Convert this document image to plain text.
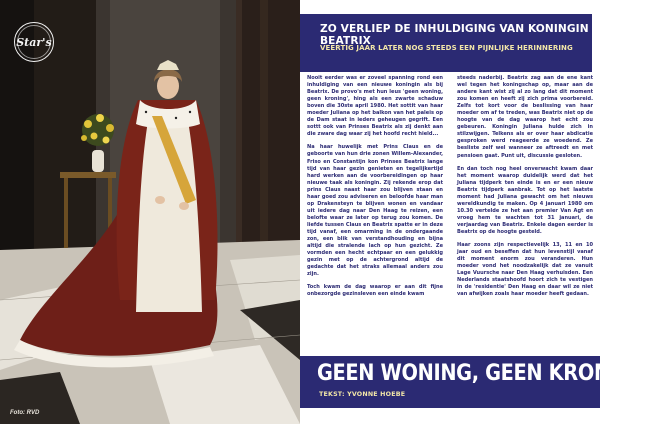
Star's
Foto: RVD
ZO VERLIEP DE INHULDIGING VAN KONINGIN BEATRIX
VEERTIG JAAR LATER NOG STEEDS EEN PIJNLIJKE HERINNERING

Nooit eerder was er zoveel spanning rond een inhuldiging van een nieuwe koningin als bij Beatrix. De provo's met hun leus 'geen woning, geen kroning', hing als een zwarte schaduw boven die 30ste april 1980. Het sottit van haar moeder Juliana op het balkon van het paleis op de Dam staat in ieders geheugen gegrift. Een sottt ook van Prinses Beatrix als zij denkt aan die zware dag waar zij het hoofd recht hield...

Na haar huwelijk met Prins Claus en de geboorte van hun drie zonen Willem-Alexander, Friso en Constantijn kon Prinses Beatrix lange tijd van haar gezin genieten en tegelijkertijd hard werken aan de voorbereidingen op haar nieuwe taak als koningin. Zij rekende erop dat prins Claus naast haar zou blijven staan en haar goed zou adviseren en beloofde haar man op Drakensteyn te blijven wonen en vandaar uit iedere dag naar Den Haag te reizen, een belofte waar ze later op terug zou komen. De liefde tussen Claus en Beatrix spatte er in deze tijd vanaf, een omarming in de ondergaande zon, een blik van verstandhouding en bijna altijd die stralende lach op hun gezicht. Ze vormden een hecht echtpaar en een gelukkig gezin met op de achtergrond altijd de gedachte dat het straks allemaal anders zou zijn.

Toch kwam de dag waarop er aan dit fijne onbezorgde gezinsleven een einde kwam

steeds naderbij. Beatrix zag aan de ene kant wel tegen het koningschap op, maar aan de andere kant wist zij al zo lang dat dit moment zou komen en heeft zij zich prima voorbereid. Zelfs tot kort voor de beslissing van haar moeder om af te treden, was Beatrix niet op de hoogte van de dag waarop het echt zou gebeuren. Koningin Juliana hulde zich in stilzwijgen. Telkens als er over haar abdicatie gesproken werd reageerde ze woedend. Ze besliste zelf wel wanneer ze aftreedt en met pensioen gaat. Punt uit, discussie gesloten.

En dan toch nog heel onverwacht kwam daar het moment waarop duidelijk werd dat het Juliana tijdperk ten einde is en er een nieuw Beatrix tijdperk aanbrak. Tot op het laatste moment had Juliana gewacht om het nieuws wereldkundig te maken. Op 4 januari 1980 om 10.30 vertelde ze het aan premier Van Agt en vroeg hem te wachten tot 31 januari, de verjaardag van Beatrix. Enkele dagen eerder is Beatrix op de hoogte gesteld.

Haar zoons zijn respectievelijk 13, 11 en 10 jaar oud en beseffen dat hun levenstijl vanaf dit moment enorm zou veranderen. Hun moeder vond het noodzakelijk dat ze vanuit Lage Vuursche naar Den Haag verhuisden. Een Nederlands staatshoofd hoort zich te vestigen in de 'residentie' Den Haag en daar wil ze niet van afwijken zoals haar moeder heeft gedaan.

GEEN WONING, GEEN KRONING
TEKST: YVONNE HOEBE
